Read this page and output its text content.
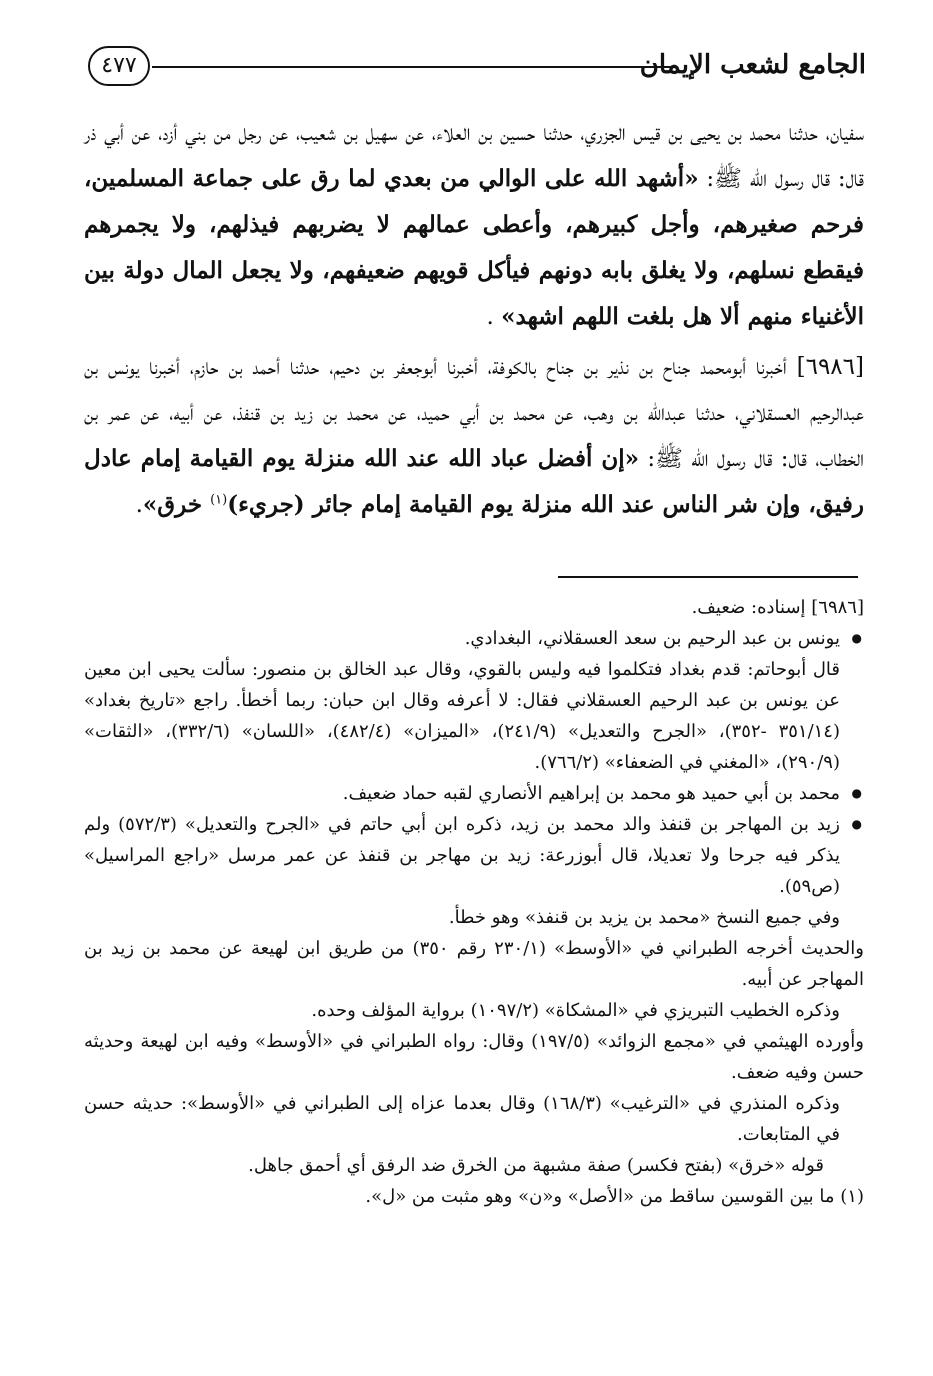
الجامع لشعب الإيمان
٤٧٧

سفيان، حدثنا محمد بن يحيى بن قيس الجزري، حدثنا حسين بن العلاء، عن سهيل بن شعيب، عن رجل من بني أزد، عن أبي ذر قال: قال رسول الله ﷺ: «أشهد الله على الوالي من بعدي لما رق على جماعة المسلمين، فرحم صغيرهم، وأجل كبيرهم، وأعطى عمالهم لا يضربهم فيذلهم، ولا يجمرهم فيقطع نسلهم، ولا يغلق بابه دونهم فيأكل قويهم ضعيفهم، ولا يجعل المال دولة بين الأغنياء منهم ألا هل بلغت اللهم اشهد» .

[٦٩٨٦] أخبرنا أبومحمد جناح بن نذير بن جناح بالكوفة، أخبرنا أبوجعفر بن دحيم، حدثنا أحمد بن حازم، أخبرنا يونس بن عبدالرحيم العسقلاني، حدثنا عبدالله بن وهب، عن محمد بن أبي حميد، عن محمد بن زيد بن قنفذ، عن أبيه، عن عمر بن الخطاب، قال: قال رسول الله ﷺ: «إن أفضل عباد الله عند الله منزلة يوم القيامة إمام عادل رفيق، وإن شر الناس عند الله منزلة يوم القيامة إمام جائر (جريء)$^{(١)}$ خرق».

[٦٩٨٦] إسناده: ضعيف.

● يونس بن عبد الرحيم بن سعد العسقلاني، البغدادي.

قال أبوحاتم: قدم بغداد فتكلموا فيه وليس بالقوي، وقال عبد الخالق بن منصور: سألت يحيى ابن معين عن يونس بن عبد الرحيم العسقلاني فقال: لا أعرفه وقال ابن حبان: ربما أخطأ. راجع «تاريخ بغداد» (٣٥١/١٤ -٣٥٢)، «الجرح والتعديل» (٢٤١/٩)، «الميزان» (٤٨٢/٤)، «اللسان» (٣٣٢/٦)، «الثقات» (٢٩٠/٩)، «المغني في الضعفاء» (٧٦٦/٢).

● محمد بن أبي حميد هو محمد بن إبراهيم الأنصاري لقبه حماد ضعيف.

● زيد بن المهاجر بن قنفذ والد محمد بن زيد، ذكره ابن أبي حاتم في «الجرح والتعديل» (٥٧٢/٣) ولم يذكر فيه جرحا ولا تعديلا، قال أبوزرعة: زيد بن مهاجر بن قنفذ عن عمر مرسل «راجع المراسيل» (ص٥٩).

وفي جميع النسخ «محمد بن يزيد بن قنفذ» وهو خطأ.

والحديث أخرجه الطبراني في «الأوسط» (٢٣٠/١ رقم ٣٥٠) من طريق ابن لهيعة عن محمد بن زيد بن المهاجر عن أبيه.

وذكره الخطيب التبريزي في «المشكاة» (١٠٩٧/٢) برواية المؤلف وحده.

وأورده الهيثمي في «مجمع الزوائد» (١٩٧/٥) وقال: رواه الطبراني في «الأوسط» وفيه ابن لهيعة وحديثه حسن وفيه ضعف.

وذكره المنذري في «الترغيب» (١٦٨/٣) وقال بعدما عزاه إلى الطبراني في «الأوسط»: حديثه حسن في المتابعات.

قوله «خرق» (بفتح فكسر) صفة مشبهة من الخرق ضد الرفق أي أحمق جاهل.

(١) ما بين القوسين ساقط من «الأصل» و«ن» وهو مثبت من «ل».
